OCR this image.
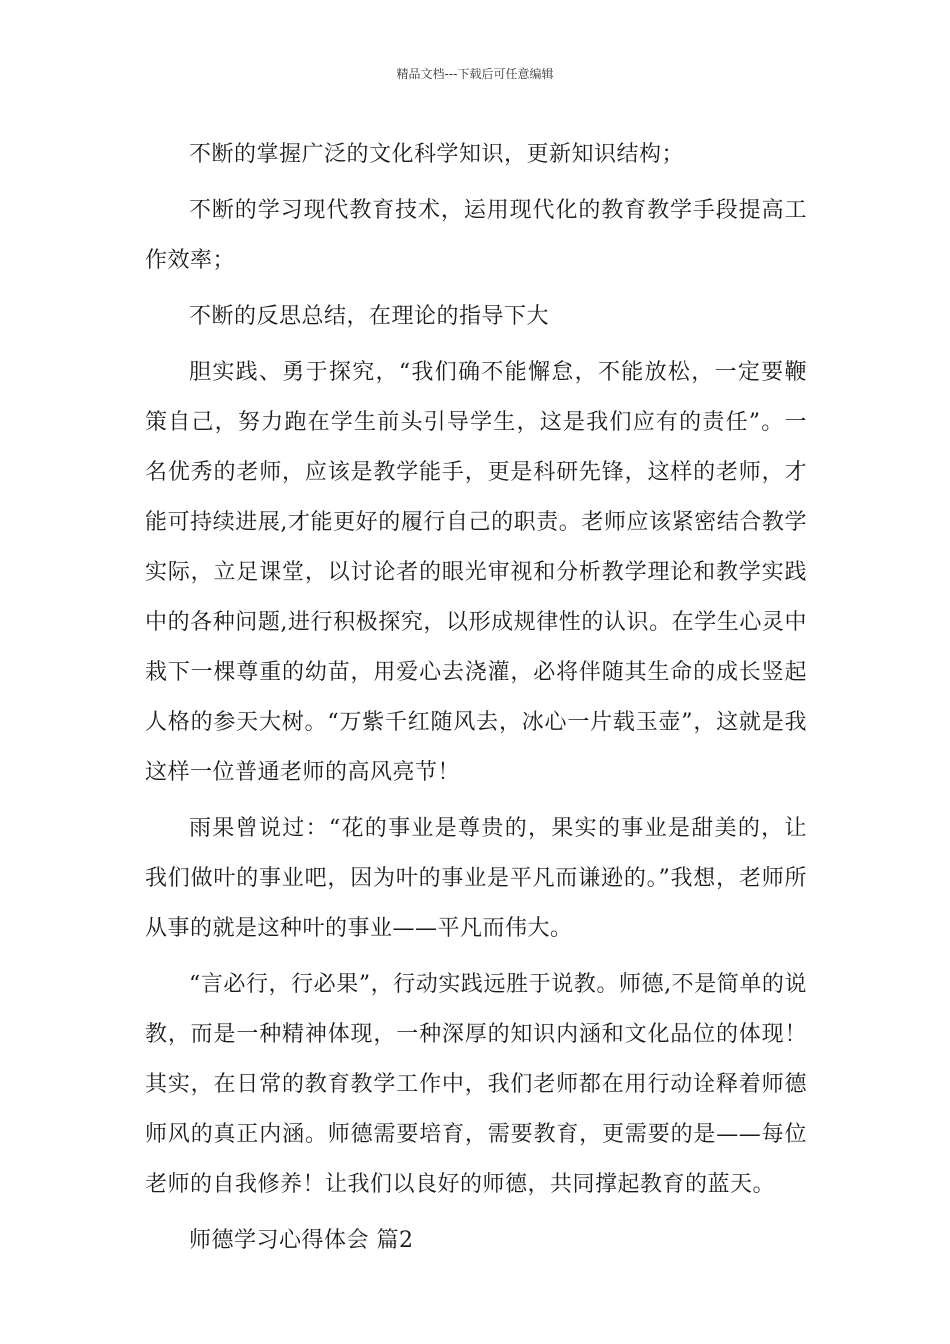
精品文档---下载后可任意编辑

不断的掌握广泛的文化科学知识，更新知识结构；

不断的学习现代教育技术，运用现代化的教育教学手段提高工作效率；

不断的反思总结，在理论的指导下大

胆实践、勇于探究，“我们确不能懈怠，不能放松，一定要鞭策自己，努力跑在学生前头引导学生，这是我们应有的责任”。一名优秀的老师，应该是教学能手，更是科研先锋，这样的老师，才能可持续进展,才能更好的履行自己的职责。老师应该紧密结合教学实际，立足课堂，以讨论者的眼光审视和分析教学理论和教学实践中的各种问题,进行积极探究，以形成规律性的认识。在学生心灵中栽下一棵尊重的幼苗，用爱心去浇灌，必将伴随其生命的成长竖起人格的参天大树。“万紫千红随风去，冰心一片载玉壶”，这就是我这样一位普通老师的高风亮节！

雨果曾说过：“花的事业是尊贵的，果实的事业是甜美的，让我们做叶的事业吧，因为叶的事业是平凡而谦逊的。”我想，老师所从事的就是这种叶的事业——平凡而伟大。

“言必行，行必果”，行动实践远胜于说教。师德,不是简单的说教，而是一种精神体现，一种深厚的知识内涵和文化品位的体现！其实，在日常的教育教学工作中，我们老师都在用行动诠释着师德师风的真正内涵。师德需要培育，需要教育，更需要的是——每位老师的自我修养！让我们以良好的师德，共同撑起教育的蓝天。

师德学习心得体会 篇2
